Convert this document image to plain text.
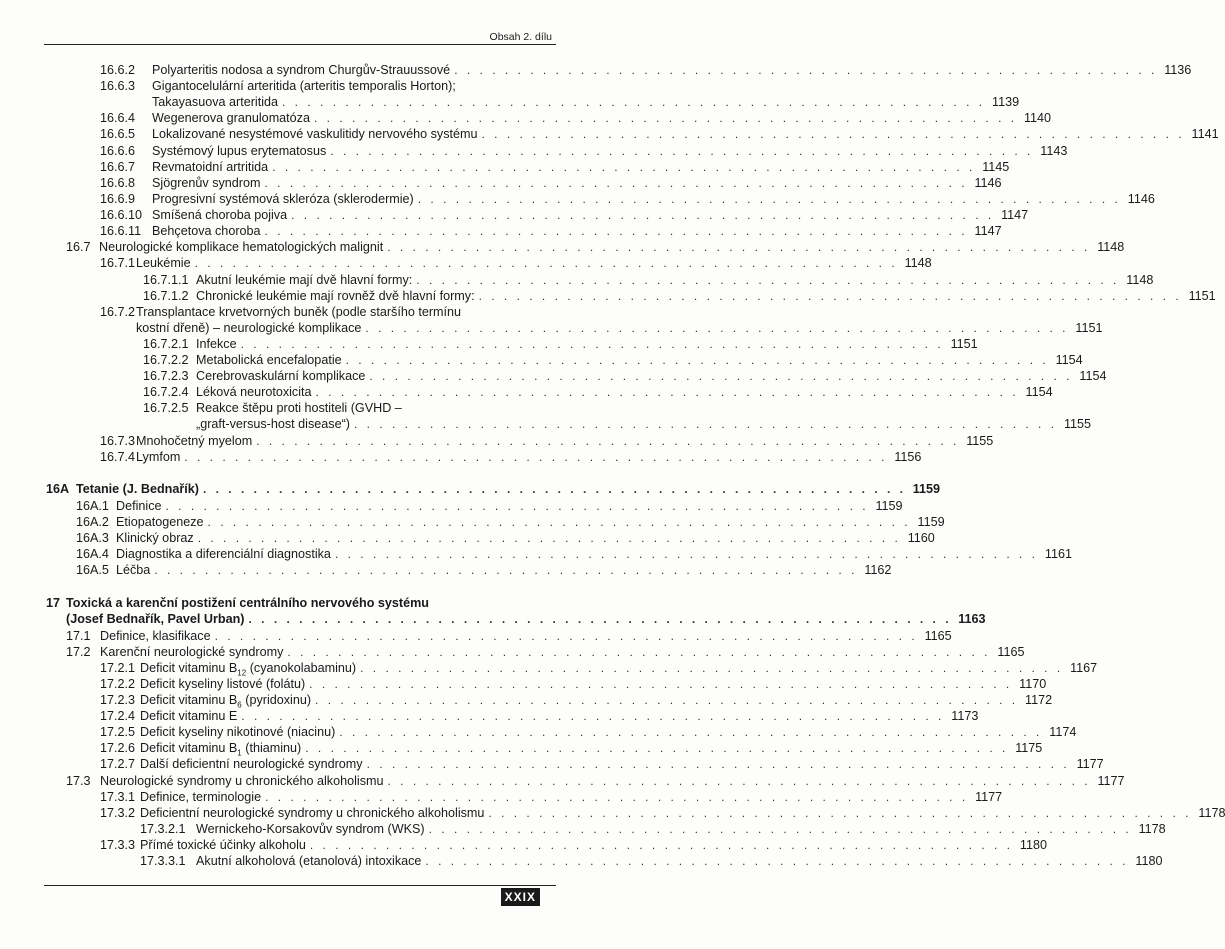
Obsah 2. dílu
16.6.2 Polyarteritis nodosa a syndrom Churgův-Strauussové . . . . . . . . . . . . . . . . . . . . . . . . . . . . . . . . . . . . . . . . . . . . . . . . . . . . . . . . 1136
16.6.3 Gigantocelulární arteritida (arteritis temporalis Horton);
Takayasuova arteritida . . . . . . . . . . . . . . . . . . . . . . . . . . . . . . . . . . . . . . . . . . . . . . . . . . . . . . . . 1139
16.6.4 Wegenerova granulomatóza . . . . . . . . . . . . . . . . . . . . . . . . . . . . . . . . . . . . . . . . . . . . . . . . . . . . . . . . 1140
16.6.5 Lokalizované nesystémové vaskulitidy nervového systému . . . . . . . . . . . . . . . . . . . . . . . . . . . . . . . . . . . . . . . . . . . . . . . . . . . . . . . . 1141
16.6.6 Systémový lupus erytematosus . . . . . . . . . . . . . . . . . . . . . . . . . . . . . . . . . . . . . . . . . . . . . . . . . . . . . . . . 1143
16.6.7 Revmatoidní artritida . . . . . . . . . . . . . . . . . . . . . . . . . . . . . . . . . . . . . . . . . . . . . . . . . . . . . . . . 1145
16.6.8 Sjögrenův syndrom . . . . . . . . . . . . . . . . . . . . . . . . . . . . . . . . . . . . . . . . . . . . . . . . . . . . . . . . 1146
16.6.9 Progresivní systémová skleróza (sklerodermie) . . . . . . . . . . . . . . . . . . . . . . . . . . . . . . . . . . . . . . . . . . . . . . . . . . . . . . . . 1146
16.6.10 Smíšená choroba pojiva . . . . . . . . . . . . . . . . . . . . . . . . . . . . . . . . . . . . . . . . . . . . . . . . . . . . . . . . 1147
16.6.11 Behçetova choroba . . . . . . . . . . . . . . . . . . . . . . . . . . . . . . . . . . . . . . . . . . . . . . . . . . . . . . . . 1147
16.7 Neurologické komplikace hematologických malignit . . . . . . . . . . . . . . . . . . . . . . . . . . . . . . . . . . . . . . . . . . . . . . . . . . . . . . . . 1148
16.7.1 Leukémie . . . . . . . . . . . . . . . . . . . . . . . . . . . . . . . . . . . . . . . . . . . . . . . . . . . . . . . . 1148
16.7.1.1 Akutní leukémie mají dvě hlavní formy: . . . . . . . . . . . . . . . . . . . . . . . . . . . . . . . . . . . . . . . . . . . . . . . . . . . . . . . . 1148
16.7.1.2 Chronické leukémie mají rovněž dvě hlavní formy: . . . . . . . . . . . . . . . . . . . . . . . . . . . . . . . . . . . . . . . . . . . . . . . . . . . . . . . . 1151
16.7.2 Transplantace krvetvorných buněk (podle staršího termínu
kostní dřeně) – neurologické komplikace . . . . . . . . . . . . . . . . . . . . . . . . . . . . . . . . . . . . . . . . . . . . . . . . . . . . . . . . 1151
16.7.2.1 Infekce . . . . . . . . . . . . . . . . . . . . . . . . . . . . . . . . . . . . . . . . . . . . . . . . . . . . . . . . 1151
16.7.2.2 Metabolická encefalopatie . . . . . . . . . . . . . . . . . . . . . . . . . . . . . . . . . . . . . . . . . . . . . . . . . . . . . . . . 1154
16.7.2.3 Cerebrovaskulární komplikace . . . . . . . . . . . . . . . . . . . . . . . . . . . . . . . . . . . . . . . . . . . . . . . . . . . . . . . . 1154
16.7.2.4 Léková neurotoxicita . . . . . . . . . . . . . . . . . . . . . . . . . . . . . . . . . . . . . . . . . . . . . . . . . . . . . . . . 1154
16.7.2.5 Reakce štěpu proti hostiteli (GVHD –
„graft-versus-host disease“) . . . . . . . . . . . . . . . . . . . . . . . . . . . . . . . . . . . . . . . . . . . . . . . . . . . . . . . . 1155
16.7.3 Mnohočetný myelom . . . . . . . . . . . . . . . . . . . . . . . . . . . . . . . . . . . . . . . . . . . . . . . . . . . . . . . . 1155
16.7.4 Lymfom . . . . . . . . . . . . . . . . . . . . . . . . . . . . . . . . . . . . . . . . . . . . . . . . . . . . . . . . 1156
16A Tetanie (J. Bednařík) . . . . . . . . . . . . . . . . . . . . . . . . . . . . . . . . . . . . . . . . . . . . . . . . . . . . . . . . 1159
16A.1 Definice . . . . . . . . . . . . . . . . . . . . . . . . . . . . . . . . . . . . . . . . . . . . . . . . . . . . . . . . 1159
16A.2 Etiopatogeneze . . . . . . . . . . . . . . . . . . . . . . . . . . . . . . . . . . . . . . . . . . . . . . . . . . . . . . . . 1159
16A.3 Klinický obraz . . . . . . . . . . . . . . . . . . . . . . . . . . . . . . . . . . . . . . . . . . . . . . . . . . . . . . . . 1160
16A.4 Diagnostika a diferenciální diagnostika . . . . . . . . . . . . . . . . . . . . . . . . . . . . . . . . . . . . . . . . . . . . . . . . . . . . . . . . 1161
16A.5 Léčba . . . . . . . . . . . . . . . . . . . . . . . . . . . . . . . . . . . . . . . . . . . . . . . . . . . . . . . . 1162
17 Toxická a karenční postižení centrálního nervového systému
(Josef Bednařík, Pavel Urban) . . . . . . . . . . . . . . . . . . . . . . . . . . . . . . . . . . . . . . . . . . . . . . . . . . . . . . . . 1163
17.1 Definice, klasifikace . . . . . . . . . . . . . . . . . . . . . . . . . . . . . . . . . . . . . . . . . . . . . . . . . . . . . . . . 1165
17.2 Karenční neurologické syndromy . . . . . . . . . . . . . . . . . . . . . . . . . . . . . . . . . . . . . . . . . . . . . . . . . . . . . . . . 1165
17.2.1 Deficit vitaminu $B_{12}$ (cyanokolabaminu) . . . . . . . . . . . . . . . . . . . . . . . . . . . . . . . . . . . . . . . . . . . . . . . . . . . . . . . . 1167
17.2.2 Deficit kyseliny listové (folátu) . . . . . . . . . . . . . . . . . . . . . . . . . . . . . . . . . . . . . . . . . . . . . . . . . . . . . . . . 1170
17.2.3 Deficit vitaminu $B_6$ (pyridoxinu) . . . . . . . . . . . . . . . . . . . . . . . . . . . . . . . . . . . . . . . . . . . . . . . . . . . . . . . . 1172
17.2.4 Deficit vitaminu E . . . . . . . . . . . . . . . . . . . . . . . . . . . . . . . . . . . . . . . . . . . . . . . . . . . . . . . . 1173
17.2.5 Deficit kyseliny nikotinové (niacinu) . . . . . . . . . . . . . . . . . . . . . . . . . . . . . . . . . . . . . . . . . . . . . . . . . . . . . . . . 1174
17.2.6 Deficit vitaminu $B_1$ (thiaminu) . . . . . . . . . . . . . . . . . . . . . . . . . . . . . . . . . . . . . . . . . . . . . . . . . . . . . . . . 1175
17.2.7 Další deficientní neurologické syndromy . . . . . . . . . . . . . . . . . . . . . . . . . . . . . . . . . . . . . . . . . . . . . . . . . . . . . . . . 1177
17.3 Neurologické syndromy u chronického alkoholismu . . . . . . . . . . . . . . . . . . . . . . . . . . . . . . . . . . . . . . . . . . . . . . . . . . . . . . . . 1177
17.3.1 Definice, terminologie . . . . . . . . . . . . . . . . . . . . . . . . . . . . . . . . . . . . . . . . . . . . . . . . . . . . . . . . 1177
17.3.2 Deficientní neurologické syndromy u chronického alkoholismu . . . . . . . . . . . . . . . . . . . . . . . . . . . . . . . . . . . . . . . . . . . . . . . . . . . . . . . . 1178
17.3.2.1 Wernickeho-Korsakovův syndrom (WKS) . . . . . . . . . . . . . . . . . . . . . . . . . . . . . . . . . . . . . . . . . . . . . . . . . . . . . . . . 1178
17.3.3 Přímé toxické účinky alkoholu . . . . . . . . . . . . . . . . . . . . . . . . . . . . . . . . . . . . . . . . . . . . . . . . . . . . . . . . 1180
17.3.3.1 Akutní alkoholová (etanolová) intoxikace . . . . . . . . . . . . . . . . . . . . . . . . . . . . . . . . . . . . . . . . . . . . . . . . . . . . . . . . 1180
XXIX
